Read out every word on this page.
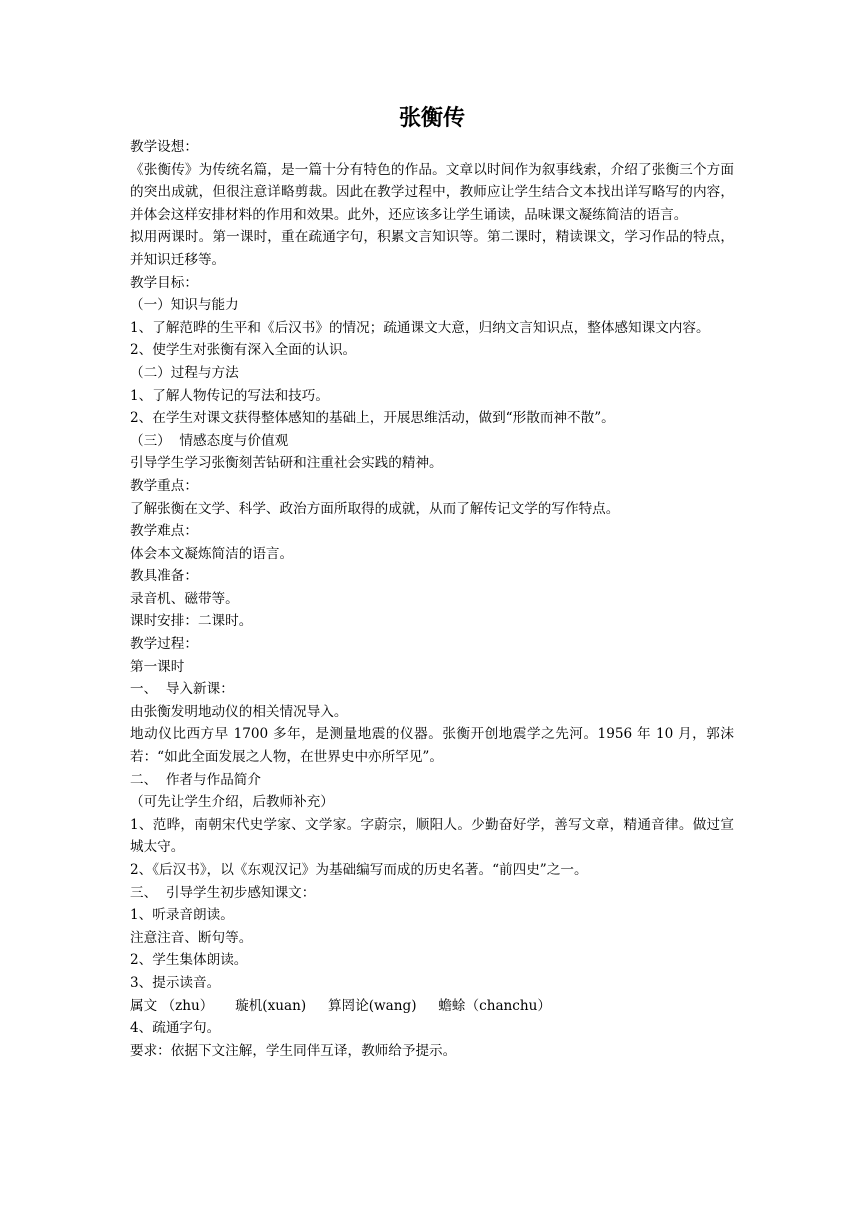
张衡传
教学设想：
《张衡传》为传统名篇，是一篇十分有特色的作品。文章以时间作为叙事线索，介绍了张衡三个方面的突出成就，但很注意详略剪裁。因此在教学过程中，教师应让学生结合文本找出详写略写的内容，并体会这样安排材料的作用和效果。此外，还应该多让学生诵读，品味课文凝练简洁的语言。
拟用两课时。第一课时，重在疏通字句，积累文言知识等。第二课时，精读课文，学习作品的特点，并知识迁移等。
教学目标：
（一）知识与能力
1、了解范晔的生平和《后汉书》的情况；疏通课文大意，归纳文言知识点，整体感知课文内容。
2、使学生对张衡有深入全面的认识。
（二）过程与方法
1、了解人物传记的写法和技巧。
2、在学生对课文获得整体感知的基础上，开展思维活动，做到“形散而神不散”。
（三）  情感态度与价值观
引导学生学习张衡刻苦钻研和注重社会实践的精神。
教学重点：
了解张衡在文学、科学、政治方面所取得的成就，从而了解传记文学的写作特点。
教学难点：
体会本文凝炼简洁的语言。
教具准备：
录音机、磁带等。
课时安排：二课时。
教学过程：
第一课时
一、  导入新课：
由张衡发明地动仪的相关情况导入。
地动仪比西方早 1700 多年，是测量地震的仪器。张衡开创地震学之先河。1956 年 10 月，郭沫若：“如此全面发展之人物，在世界史中亦所罕见”。
二、  作者与作品简介
（可先让学生介绍，后教师补充）
1、范晔，南朝宋代史学家、文学家。字蔚宗，顺阳人。少勤奋好学，善写文章，精通音律。做过宣城太守。
2、《后汉书》，以《东观汉记》为基础编写而成的历史名著。“前四史”之一。
三、  引导学生初步感知课文：
1、听录音朗读。
注意注音、断句等。
2、学生集体朗读。
3、提示读音。
属文 （zhu） 璇机(xuan) 算罔论(wang) 蟾蜍（chanchu）
4、疏通字句。
要求：依据下文注解，学生同伴互译，教师给予提示。
